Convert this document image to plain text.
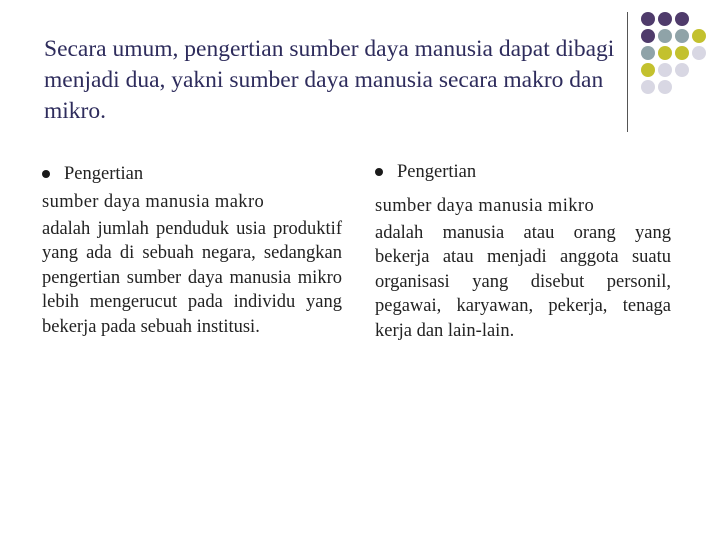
Secara umum, pengertian sumber daya manusia dapat dibagi menjadi dua, yakni sumber daya manusia secara makro dan mikro.
Pengertian
sumber daya manusia makro
adalah jumlah penduduk usia produktif yang ada di sebuah negara, sedangkan pengertian sumber daya manusia mikro lebih mengerucut pada individu yang bekerja pada sebuah institusi.
Pengertian
sumber daya manusia mikro
adalah manusia atau orang yang bekerja atau menjadi anggota suatu organisasi yang disebut personil, pegawai, karyawan, pekerja, tenaga kerja dan lain-lain.
